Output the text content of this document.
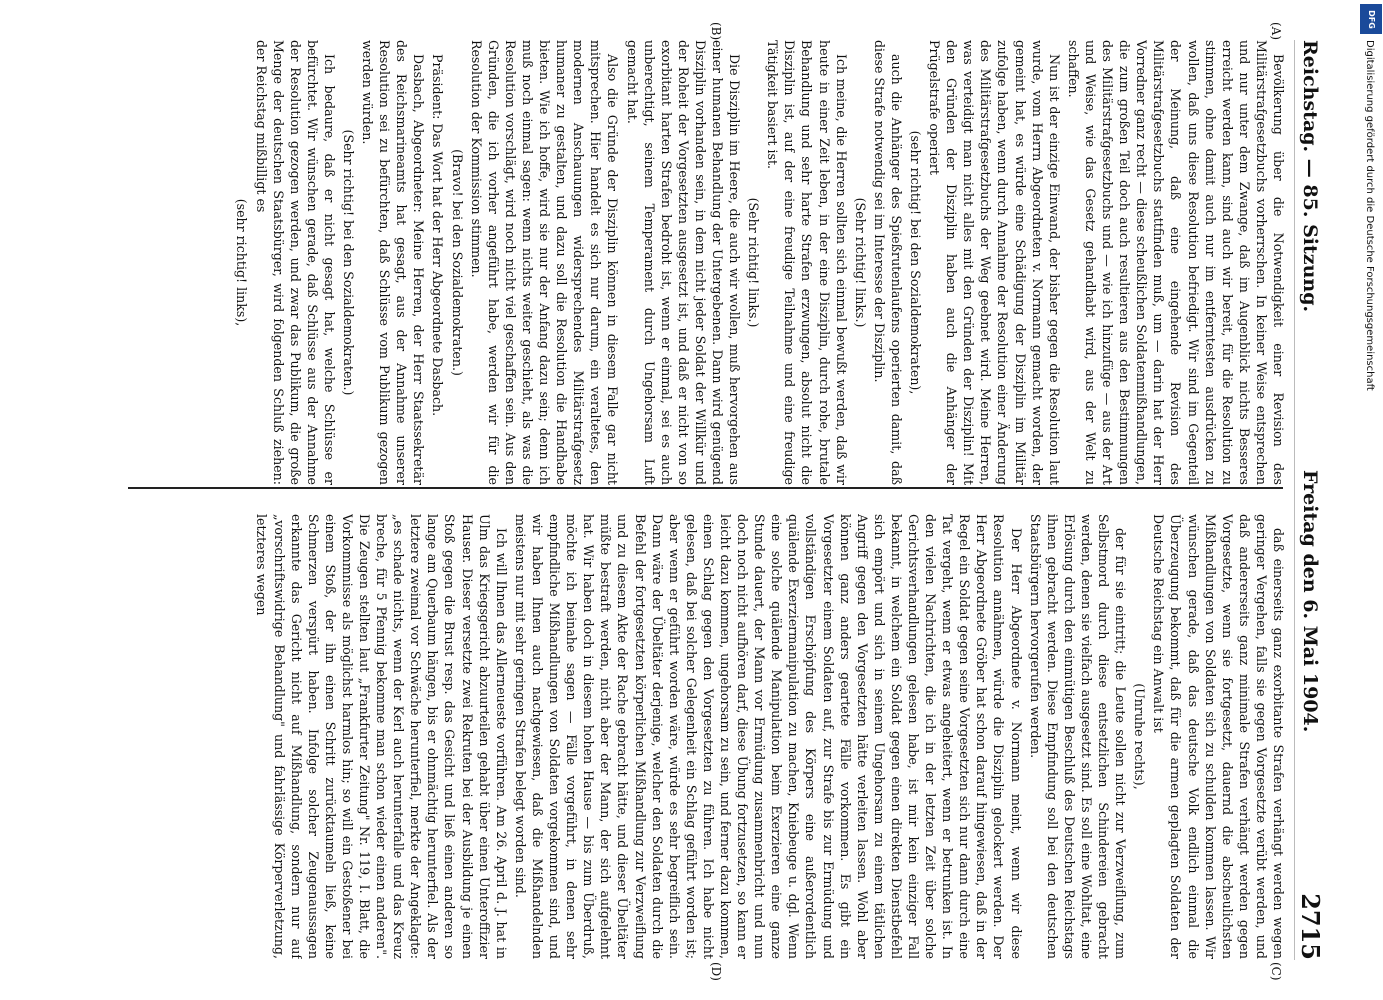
Reichstag. — 85. Sitzung.
Freitag den 6. Mai 1904.
2715
(A)
(B)
(C)
(D)

Bevölkerung über die Notwendigkeit einer Revision des Militärstrafgesetzbuchs vorherrschen. In keiner Weise entsprechen und nur unter dem Zwange, daß im Augenblick nichts Besseres erreicht werden kann, sind auch wir bereit, für die Resolution zu stimmen, ohne damit auch nur im entferntesten ausdrücken zu wollen, daß uns diese Resolution befriedigt. Wir sind im Gegenteil der Meinung, daß eine eingehende Revision des Militärstrafgesetzbuchs stattfinden muß, um — darin hat der Herr Vorredner ganz recht — diese scheußlichen Soldatenmißhandlungen, die zum großen Teil doch auch resultieren aus den Bestimmungen des Militärstrafgesetzbuchs und — wie ich hinzufüge — aus der Art und Weise, wie das Gesetz gehandhabt wird, aus der Welt zu schaffen.

Nun ist der einzige Einwand, der bisher gegen die Resolution laut wurde, vom Herrn Abgeordneten v. Normann gemacht worden, der gemeint hat, es würde eine Schädigung der Disziplin im Militär zufolge haben, wenn durch Annahme der Resolution einer Änderung des Militärstrafgesetzbuchs der Weg geebnet wird. Meine Herren, was verteidigt man nicht alles mit den Gründen der Disziplin! Mit den Gründen der Disziplin haben auch die Anhänger der Prügelstrafe operiert

(sehr richtig! bei den Sozialdemokraten),

auch die Anhänger des Spießrutenlaufens operierten damit, daß diese Strafe notwendig sei im Interesse der Disziplin.

(Sehr richtig! links.)

Ich meine, die Herren sollten sich einmal bewußt werden, daß wir heute in einer Zeit leben, in der eine Disziplin, durch rohe, brutale Behandlung und sehr harte Strafen erzwungen, absolut nicht die Disziplin ist, auf der eine freudige Teilnahme und eine freudige Tätigkeit basiert ist.

(Sehr richtig! links.)

Die Disziplin im Heere, die auch wir wollen, muß hervorgehen aus einer humanen Behandlung der Untergebenen. Dann wird genügend Disziplin vorhanden sein, in dem nicht jeder Soldat der Willkür und der Roheit der Vorgesetzten ausgesetzt ist, und daß er nicht von so exorbitant harten Strafen bedroht ist, wenn er einmal, sei es auch unberechtigt, seinem Temperament durch Ungehorsam Luft gemacht hat.

Also die Gründe der Disziplin können in diesem Falle gar nicht mitsprechen. Hier handelt es sich nur darum, ein veraltetes, den modernen Anschauungen widersprechendes Militärstrafgesetz humaner zu gestalten, und dazu soll die Resolution die Handhabe bieten. Wie ich hoffe, wird sie nur der Anfang dazu sein; denn ich muß noch einmal sagen: wenn nichts weiter geschieht, als was die Resolution vorschlägt, wird noch nicht viel geschaffen sein. Aus den Gründen, die ich vorher angeführt habe, werden wir für die Resolution der Kommission stimmen.

(Bravo! bei den Sozialdemokraten.)

Präsident: Das Wort hat der Herr Abgeordnete Dasbach.

Dasbach, Abgeordneter: Meine Herren, der Herr Staatssekretär des Reichsmarineamts hat gesagt, aus der Annahme unserer Resolution sei zu befürchten, daß Schlüsse vom Publikum gezogen werden würden.

(Sehr richtig! bei den Sozialdemokraten.)

Ich bedaure, daß er nicht gesagt hat, welche Schlüsse er befürchtet. Wir wünschen gerade, daß Schlüsse aus der Annahme der Resolution gezogen werden, und zwar das Publikum, die große Menge der deutschen Staatsbürger, wird folgenden Schluß ziehen: der Reichstag mißbilligt es

(sehr richtig! links),

daß einerseits ganz exorbitante Strafen verhängt werden wegen geringer Vergehen, falls sie gegen Vorgesetzte verübt werden, und daß andererseits ganz minimale Strafen verhängt werden gegen Vorgesetzte, wenn sie fortgesetzt, dauernd die abscheulichsten Mißhandlungen von Soldaten sich zu schulden kommen lassen. Wir wünschen gerade, daß das deutsche Volk endlich einmal die Überzeugung bekommt, daß für die armen geplagten Soldaten der Deutsche Reichstag ein Anwalt ist

(Unruhe rechts),

der für sie eintritt; die Leute sollen nicht zur Verzweiflung, zum Selbstmord durch diese entsetzlichen Schindereien gebracht werden, denen sie vielfach ausgesetzt sind. Es soll eine Wohltat, eine Erlösung durch den einmütigen Beschluß des Deutschen Reichstags ihnen gebracht werden. Diese Empfindung soll bei den deutschen Staatsbürgern hervorgerufen werden.

Der Herr Abgeordnete v. Normann meint, wenn wir diese Resolution annähmen, würde die Disziplin gelockert werden. Der Herr Abgeordnete Gröber hat schon darauf hingewiesen, daß in der Regel ein Soldat gegen seine Vorgesetzten sich nur dann durch eine Tat vergeht, wenn er etwas angeheitert, wenn er betrunken ist. In den vielen Nachrichten, die ich in der letzten Zeit über solche Gerichtsverhandlungen gelesen habe, ist mir kein einziger Fall bekannt, in welchem ein Soldat gegen einen direkten Dienstbefehl sich empört und sich in seinem Ungehorsam zu einem tätlichen Angriff gegen den Vorgesetzten hätte verleiten lassen. Wohl aber können ganz anders geartete Fälle vorkommen. Es gibt ein Vorgesetzter einem Soldaten auf, zur Strafe bis zur Ermüdung und vollständigen Erschöpfung des Körpers eine außerordentlich quälende Exerziermanipulation zu machen, Kniebeuge u. dgl. Wenn eine solche quälende Manipulation beim Exerzieren eine ganze Stunde dauert, der Mann vor Ermüdung zusammenbricht und nun doch noch nicht aufhören darf, diese Übung fortzusetzen, so kann er leicht dazu kommen, ungehorsam zu sein, und ferner dazu kommen, einen Schlag gegen den Vorgesetzten zu führen. Ich habe nicht gelesen, daß bei solcher Gelegenheit ein Schlag geführt worden ist; aber wenn er geführt worden wäre, würde es sehr begreiflich sein. Dann wäre der Übeltäter derjenige, welcher den Soldaten durch die Befehl der fortgesetzten körperlichen Mißhandlung zur Verzweiflung und zu diesem Akte der Rache gebracht hätte, und dieser Übeltäter müßte bestraft werden, nicht aber der Mann, der sich aufgelehnt hat. Wir haben doch in diesem hohen Hause — bis zum Überdruß, möchte ich beinahe sagen — Fälle vorgeführt, in denen sehr empfindliche Mißhandlungen von Soldaten vorgekommen sind, und wir haben Ihnen auch nachgewiesen, daß die Mißhandelnden meistens nur mit sehr geringen Strafen belegt worden sind.

Ich will Ihnen das Allerneueste vorführen. Am 26. April d. J. hat in Ulm das Kriegsgericht abzuurteilen gehabt über einen Unteroffizier Hauser. Dieser versetzte zwei Rekruten bei der Ausbildung je einen Stoß gegen die Brust resp. das Gesicht und ließ einen anderen so lange am Querbaum hängen, bis er ohnmächtig herunterfiel. Als der letztere zweimal vor Schwäche herunterfiel, merkte der Angeklagte: „es schade nichts, wenn der Kerl auch herunterfalle und das Kreuz breche, für 5 Pfennig bekomme man schon wieder einen anderen". Die Zeugen stellten laut „Frankfurter Zeitung" Nr. 119, I. Blatt, die Vorkommnisse als möglichst harmlos hin; so will ein Gestoßener bei einem Stoß, der ihn einen Schritt zurücktaumeln ließ, keine Schmerzen verspürt haben. Infolge solcher Zeugenaussagen erkannte das Gericht nicht auf Mißhandlung, sondern nur auf „vorschriftswidrige Behandlung" und fahrlässige Körperverletzung, letzteres wegen

Digitalisierung gefördert durch die Deutsche Forschungsgemeinschaft
DFG
